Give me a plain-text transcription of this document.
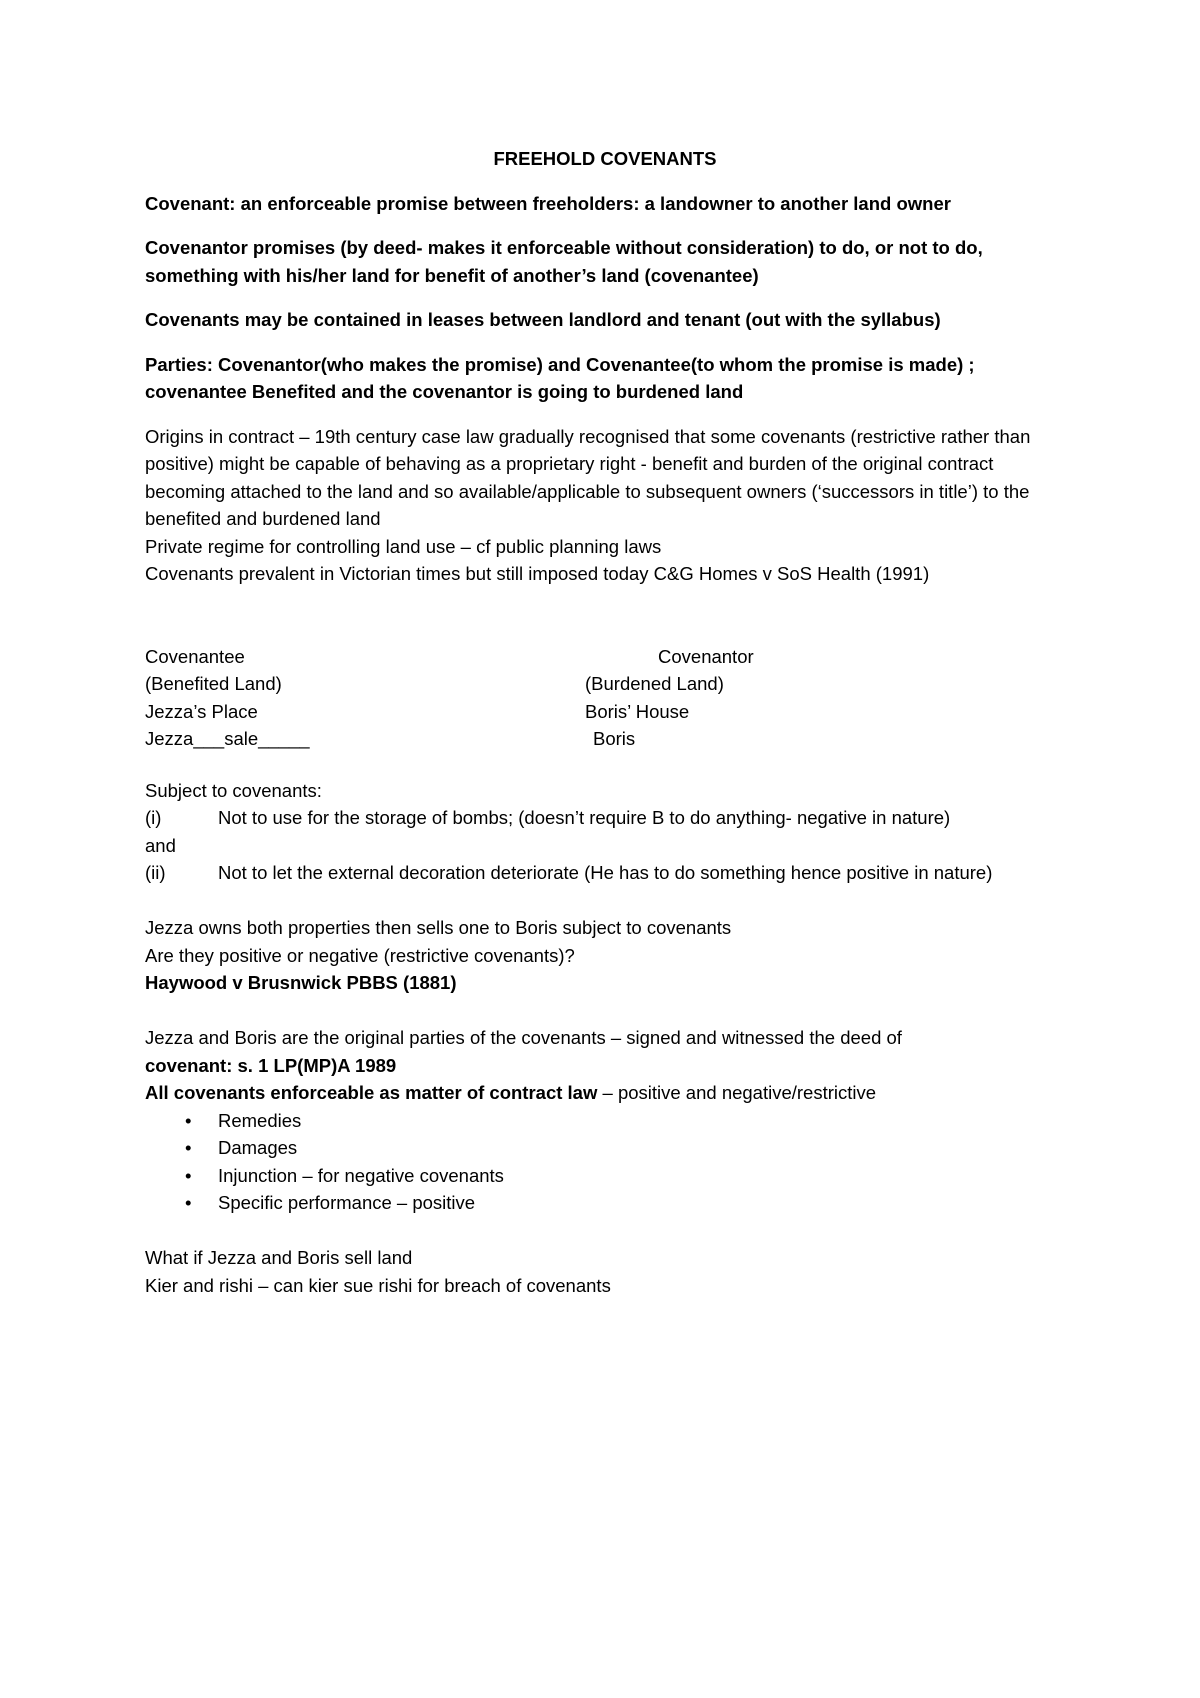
FREEHOLD COVENANTS

Covenant: an enforceable promise between freeholders: a landowner to another land owner

Covenantor promises (by deed- makes it enforceable without consideration) to do, or not to do, something with his/her land for benefit of another’s land (covenantee)

Covenants may be contained in leases between landlord and tenant (out with the syllabus)

Parties: Covenantor(who makes the promise) and Covenantee(to whom the promise is made) ; covenantee Benefited and the covenantor is going to burdened land

Origins in contract – 19th century case law gradually recognised that some covenants (restrictive rather than positive) might be capable of behaving as a proprietary right - benefit and burden of the original contract becoming attached to the land and so available/applicable to subsequent owners (‘successors in title’) to the benefited and burdened land

Private regime for controlling land use – cf public planning laws

Covenants prevalent in Victorian times but still imposed today C&G Homes v SoS Health (1991)

Covenantee	Covenantor
(Benefited Land)	(Burdened Land)
Jezza’s Place	Boris’ House
Jezza___sale_____	Boris

Subject to covenants:

(i)	Not to use for the storage of bombs; (doesn’t require B to do anything- negative in nature)

and

(ii)	Not to let the external decoration deteriorate (He has to do something hence positive in nature)

Jezza owns both properties then sells one to Boris subject to covenants

Are they positive or negative (restrictive covenants)?

Haywood v Brusnwick PBBS (1881)

Jezza and Boris are the original parties of the covenants – signed and witnessed the deed of

covenant: s. 1 LP(MP)A 1989

All covenants enforceable as matter of contract law – positive and negative/restrictive

• Remedies
• Damages
• Injunction – for negative covenants
• Specific performance – positive

What if Jezza and Boris sell land

Kier and rishi – can kier sue rishi for breach of covenants
